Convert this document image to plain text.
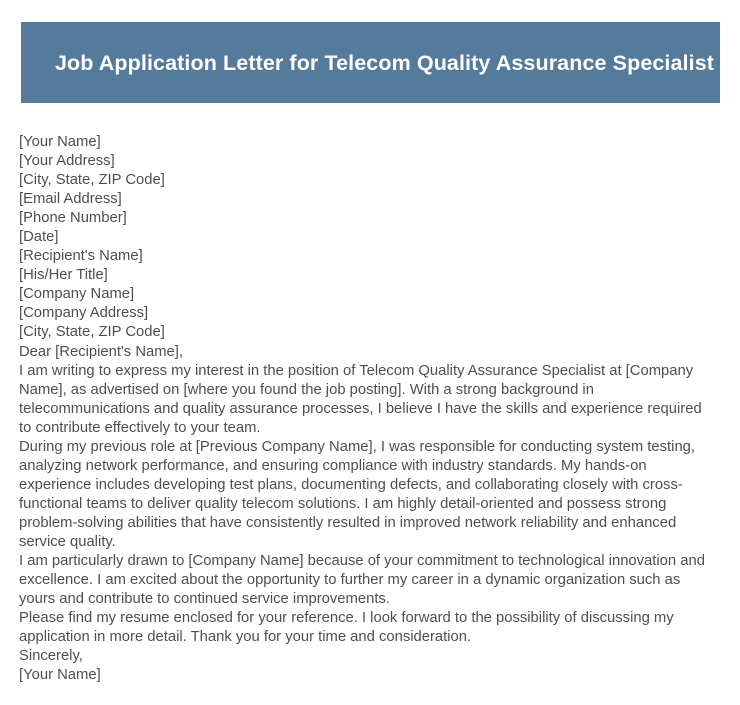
Job Application Letter for Telecom Quality Assurance Specialist

[Your Name]

[Your Address]

[City, State, ZIP Code]

[Email Address]

[Phone Number]

[Date]

[Recipient's Name]

[His/Her Title]

[Company Name]

[Company Address]

[City, State, ZIP Code]

Dear [Recipient's Name],

I am writing to express my interest in the position of Telecom Quality Assurance Specialist at [Company Name], as advertised on [where you found the job posting]. With a strong background in telecommunications and quality assurance processes, I believe I have the skills and experience required to contribute effectively to your team.

During my previous role at [Previous Company Name], I was responsible for conducting system testing, analyzing network performance, and ensuring compliance with industry standards. My hands-on experience includes developing test plans, documenting defects, and collaborating closely with cross-functional teams to deliver quality telecom solutions. I am highly detail-oriented and possess strong problem-solving abilities that have consistently resulted in improved network reliability and enhanced service quality.

I am particularly drawn to [Company Name] because of your commitment to technological innovation and excellence. I am excited about the opportunity to further my career in a dynamic organization such as yours and contribute to continued service improvements.

Please find my resume enclosed for your reference. I look forward to the possibility of discussing my application in more detail. Thank you for your time and consideration.

Sincerely,

[Your Name]
